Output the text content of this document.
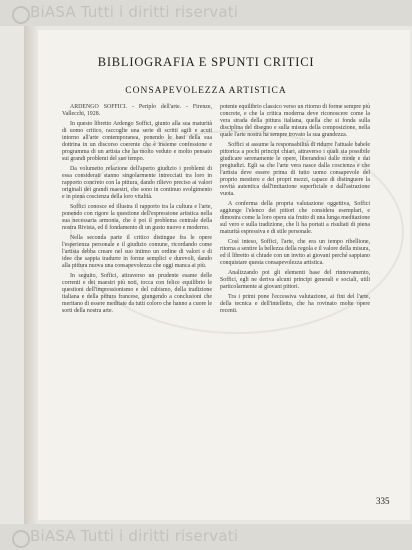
BiASA Tutti i diritti riservati
BIBLIOGRAFIA E SPUNTI CRITICI
CONSAPEVOLEZZA ARTISTICA

ARDENGO SOFFICI. - Periplo dell'arte. - Firenze, Vallecchi, 1928.

In questo libretto Ardengo Soffici, giunto alla sua maturità di uomo critico, raccoglie una serie di scritti agili e acuti intorno all'arte contemporanea, ponendo le basi della sua dottrina in un discorso coerente che è insieme confessione e programma di un artista che ha molto veduto e molto pensato sui grandi problemi del suo tempo.

Da volumetto relazione dell'aperto giudizio i problemi di essa considerati stanno singolarmente intrecciati tra loro in rapporto concreto con la pittura, dando rilievo preciso ai valori originali dei grandi maestri, che sono in continuo svolgimento e in piena coscienza della loro vitalità.

Soffici conosce ed illustra il rapporto tra la cultura e l'arte, ponendo con rigore la questione dell'espressione artistica nella sua necessaria armonia, che è poi il problema centrale della nostra Rivista, ed il fondamento di un gusto nuovo e moderno.

Nella seconda parte il critico distingue fra le opere l'esperienza personale e il giudizio comune, ricordando come l'artista debba creare nel suo intimo un ordine di valori e di idee che sappia tradurre in forme semplici e durevoli, dando alla pittura nuova una consapevolezza che oggi manca ai più.

In seguito, Soffici, attraverso un prudente esame delle correnti e dei maestri più noti, tocca con felice equilibrio le questioni dell'impressionismo e del cubismo, della tradizione italiana e della pittura francese, giungendo a conclusioni che meritano di essere meditate da tutti coloro che hanno a cuore le sorti della nostra arte.

potente equilibrio classico verso un ritorno di forme sempre più concrete, e che la critica moderna deve riconoscere come la vera strada della pittura italiana, quella che si fonda sulla disciplina del disegno e sulla misura della composizione, nella quale l'arte nostra ha sempre trovato la sua grandezza.

Soffici si assume la responsabilità di ridurre l'attuale babele pittorica a pochi principi chiari, attraverso i quali sia possibile giudicare serenamente le opere, liberandosi dalle mode e dai pregiudizi. Egli sa che l'arte vera nasce dalla coscienza e che l'artista deve essere prima di tutto uomo consapevole del proprio mestiere e dei propri mezzi, capace di distinguere la novità autentica dall'imitazione superficiale e dall'astrazione vuota.

A conferma della propria valutazione oggettiva, Soffici aggiunge l'elenco dei pittori che considera esemplari, e dimostra come la loro opera sia frutto di una lunga meditazione sul vero e sulla tradizione, che li ha portati a risultati di piena maturità espressiva e di stile personale.

Così inteso, Soffici, l'arte, che era un tempo ribellione, ritorna a sentire la bellezza della regola e il valore della misura, ed il libretto si chiude con un invito ai giovani perché sappiano conquistare questa consapevolezza artistica.

Analizzando poi gli elementi base del rinnovamento, Soffici, egli ne deriva alcuni principi generali e sociali, utili particolarmente ai giovani pittori.

Tra i primi pone l'eccessiva valutazione, ai fini del l'arte, della tecnica e dell'intelletto, che ha rovinato molte opere recenti.

335
BiASA Tutti i diritti riservati
